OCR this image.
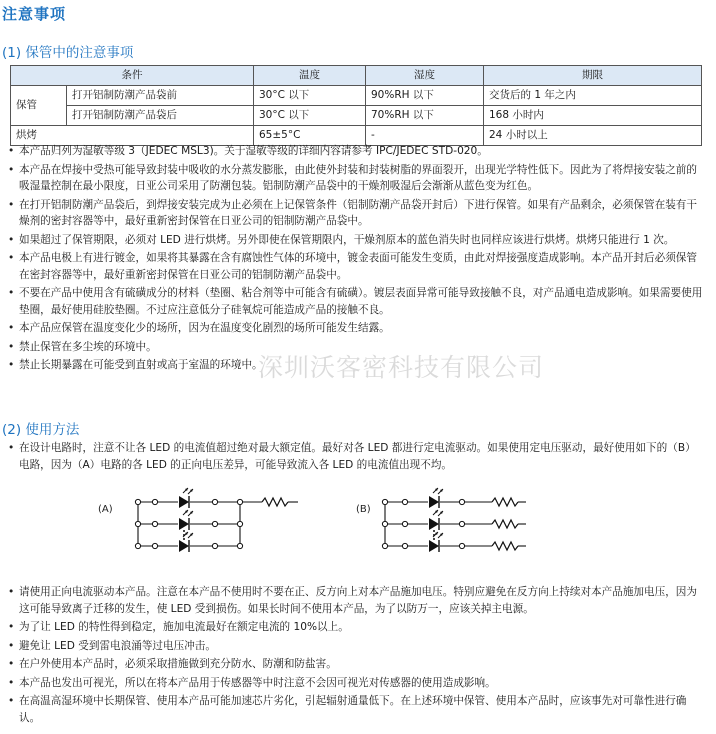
注意事项
(1) 保管中的注意事项
条件		温度	湿度	期限
保管	打开铝制防潮产品袋前	30°C 以下	90%RH 以下	交货后的 1 年之内
	打开铝制防潮产品袋后	30°C 以下	70%RH 以下	168 小时内
烘烤		65±5°C	-	24 小时以上
• 本产品归列为湿敏等级 3（JEDEC MSL3)。关于湿敏等级的详细内容请参考 IPC/JEDEC STD-020。
• 本产品在焊接中受热可能导致封装中吸收的水分蒸发膨胀，由此使外封装和封装树脂的界面裂开，出现光学特性低下。因此为了将焊接安装之前的吸湿量控制在最小限度，日亚公司采用了防潮包装。铝制防潮产品袋中的干燥剂吸湿后会渐渐从蓝色变为红色。
• 在打开铝制防潮产品袋后，到焊接安装完成为止必须在上记保管条件（铝制防潮产品袋开封后）下进行保管。如果有产品剩余，必须保管在装有干燥剂的密封容器等中，最好重新密封保管在日亚公司的铝制防潮产品袋中。
• 如果超过了保管期限，必须对 LED 进行烘烤。另外即使在保管期限内，干燥剂原本的蓝色消失时也同样应该进行烘烤。烘烤只能进行 1 次。
• 本产品电极上有进行镀金，如果将其暴露在含有腐蚀性气体的环境中，镀金表面可能发生变质，由此对焊接强度造成影响。本产品开封后必须保管在密封容器等中，最好重新密封保管在日亚公司的铝制防潮产品袋中。
• 不要在产品中使用含有硫磺成分的材料（垫圈、粘合剂等中可能含有硫磺）。镀层表面异常可能导致接触不良，对产品通电造成影响。如果需要使用垫圈，最好使用硅胶垫圈。不过应注意低分子硅氧烷可能造成产品的接触不良。
• 本产品应保管在温度变化少的场所，因为在温度变化剧烈的场所可能发生结露。
• 禁止保管在多尘埃的环境中。
• 禁止长期暴露在可能受到直射或高于室温的环境中。
深圳沃客密科技有限公司
(2) 使用方法
• 在设计电路时，注意不让各 LED 的电流值超过绝对最大额定值。最好对各 LED 都进行定电流驱动。如果使用定电压驱动，最好使用如下的（B）电路，因为（A）电路的各 LED 的正向电压差异，可能导致流入各 LED 的电流值出现不均。
(A)	(B)
• 请使用正向电流驱动本产品。注意在本产品不使用时不要在正、反方向上对本产品施加电压。特别应避免在反方向上持续对本产品施加电压，因为这可能导致离子迁移的发生，使 LED 受到损伤。如果长时间不使用本产品，为了以防万一，应该关掉主电源。
• 为了让 LED 的特性得到稳定，施加电流最好在额定电流的 10%以上。
• 避免让 LED 受到雷电浪涌等过电压冲击。
• 在户外使用本产品时，必须采取措施做到充分防水、防潮和防盐害。
• 本产品也发出可视光，所以在将本产品用于传感器等中时注意不会因可视光对传感器的使用造成影响。
• 在高温高湿环境中长期保管、使用本产品可能加速芯片劣化，引起辐射通量低下。在上述环境中保管、使用本产品时，应该事先对可靠性进行确认。
